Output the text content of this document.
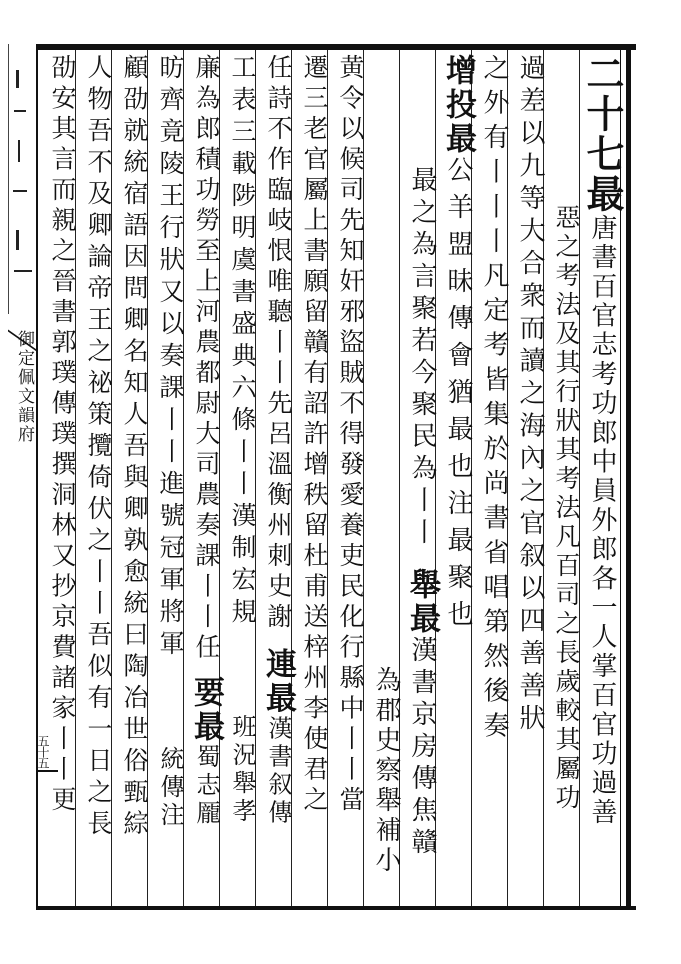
御定佩文韻府
五十五
二十七最唐書百官志考功郎中員外郎各一人掌百官功過善
惡之考法及其行狀其考法凡百司之長歲較其屬功
過差以九等大合衆而讀之海內之官叙以四善善狀
之外有丨丨丨凡定考皆集於尚書省唱第然後奏
增投最公羊盟昧傳會猶最也注最聚也
最之為言聚若今聚民為丨丨舉最漢書京房傳焦贛
為郡史察舉補小
黄令以候司先知奸邪盜賊不得發愛養吏民化行縣中丨丨當
遷三老官屬上書願留贛有詔許增秩留杜甫送梓州李使君之
任詩不作臨岐恨唯聽丨丨先呂溫衡州刺史謝連最漢書叙傳
工表三載陟明虞書盛典六條丨丨漢制宏規班況舉孝
廉為郎積功勞至上河農都尉大司農奏課丨丨任要最蜀志龎
昉齊竟陵王行狀又以奏課丨丨進號冠軍將軍統傳注
顧劭就統宿語因問卿名知人吾與卿孰愈統曰陶冶世俗甄綜
人物吾不及卿論帝王之祕策攬倚伏之丨丨吾似有一日之長
劭安其言而親之晉書郭璞傳璞撰洞林又抄京費諸家丨丨更
